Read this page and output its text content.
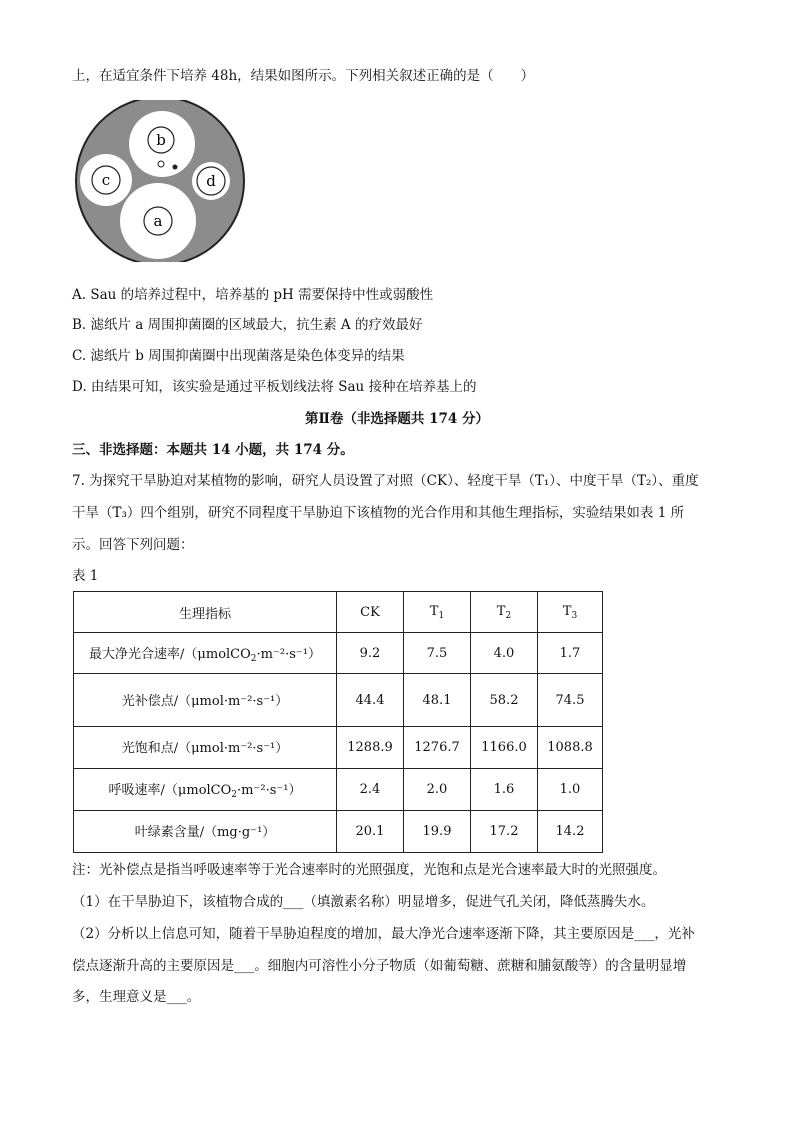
上，在适宜条件下培养 48h，结果如图所示。下列相关叙述正确的是（　　）
b
c	d
a
A. Sau 的培养过程中，培养基的 pH 需要保持中性或弱酸性
B. 滤纸片 a 周围抑菌圈的区域最大，抗生素 A 的疗效最好
C. 滤纸片 b 周围抑菌圈中出现菌落是染色体变异的结果
D. 由结果可知，该实验是通过平板划线法将 Sau 接种在培养基上的
第Ⅱ卷（非选择题共 174 分）
三、非选择题：本题共 14 小题，共 174 分。
7. 为探究干旱胁迫对某植物的影响，研究人员设置了对照（CK）、轻度干旱（T₁）、中度干旱（T₂）、重度
干旱（T₃）四个组别，研究不同程度干旱胁迫下该植物的光合作用和其他生理指标，实验结果如表 1 所
示。回答下列问题：
表 1
生理指标	CK	$T_1$	$T_2$	$T_3$
最大净光合速率/（μmolCO$_2$·m⁻²·s⁻¹）	9.2	7.5	4.0	1.7
光补偿点/（μmol·m⁻²·s⁻¹）	44.4	48.1	58.2	74.5
光饱和点/（μmol·m⁻²·s⁻¹）	1288.9	1276.7	1166.0	1088.8
呼吸速率/（μmolCO$_2$·m⁻²·s⁻¹）	2.4	2.0	1.6	1.0
叶绿素含量/（mg·g⁻¹）	20.1	19.9	17.2	14.2
注：光补偿点是指当呼吸速率等于光合速率时的光照强度，光饱和点是光合速率最大时的光照强度。
（1）在干旱胁迫下，该植物合成的___（填激素名称）明显增多，促进气孔关闭，降低蒸腾失水。
（2）分析以上信息可知，随着干旱胁迫程度的增加，最大净光合速率逐渐下降，其主要原因是___，光补
偿点逐渐升高的主要原因是___。细胞内可溶性小分子物质（如葡萄糖、蔗糖和脯氨酸等）的含量明显增
多，生理意义是___。
